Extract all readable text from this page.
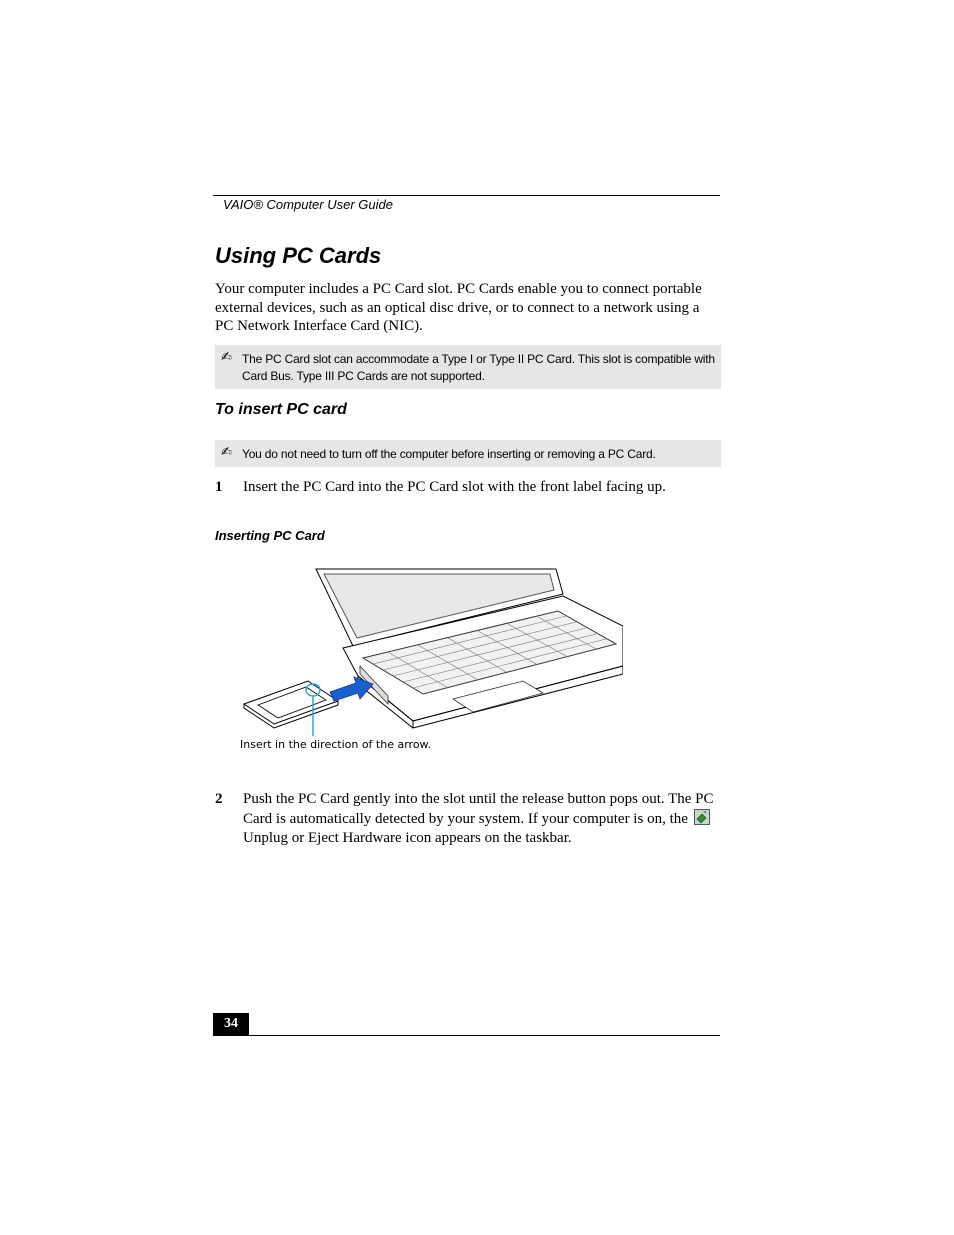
VAIO® Computer User Guide
Using PC Cards

Your computer includes a PC Card slot. PC Cards enable you to connect portable external devices, such as an optical disc drive, or to connect to a network using a PC Network Interface Card (NIC).

✍ The PC Card slot can accommodate a Type I or Type II PC Card. This slot is compatible with Card Bus. Type III PC Cards are not supported.
To insert PC card
✍ You do not need to turn off the computer before inserting or removing a PC Card.
1 Insert the PC Card into the PC Card slot with the front label facing up.
Inserting PC Card
Insert in the direction of the arrow.
2 Push the PC Card gently into the slot until the release button pops out. The PC Card is automatically detected by your system. If your computer is on, theUnplug or Eject Hardware icon appears on the taskbar.
34
